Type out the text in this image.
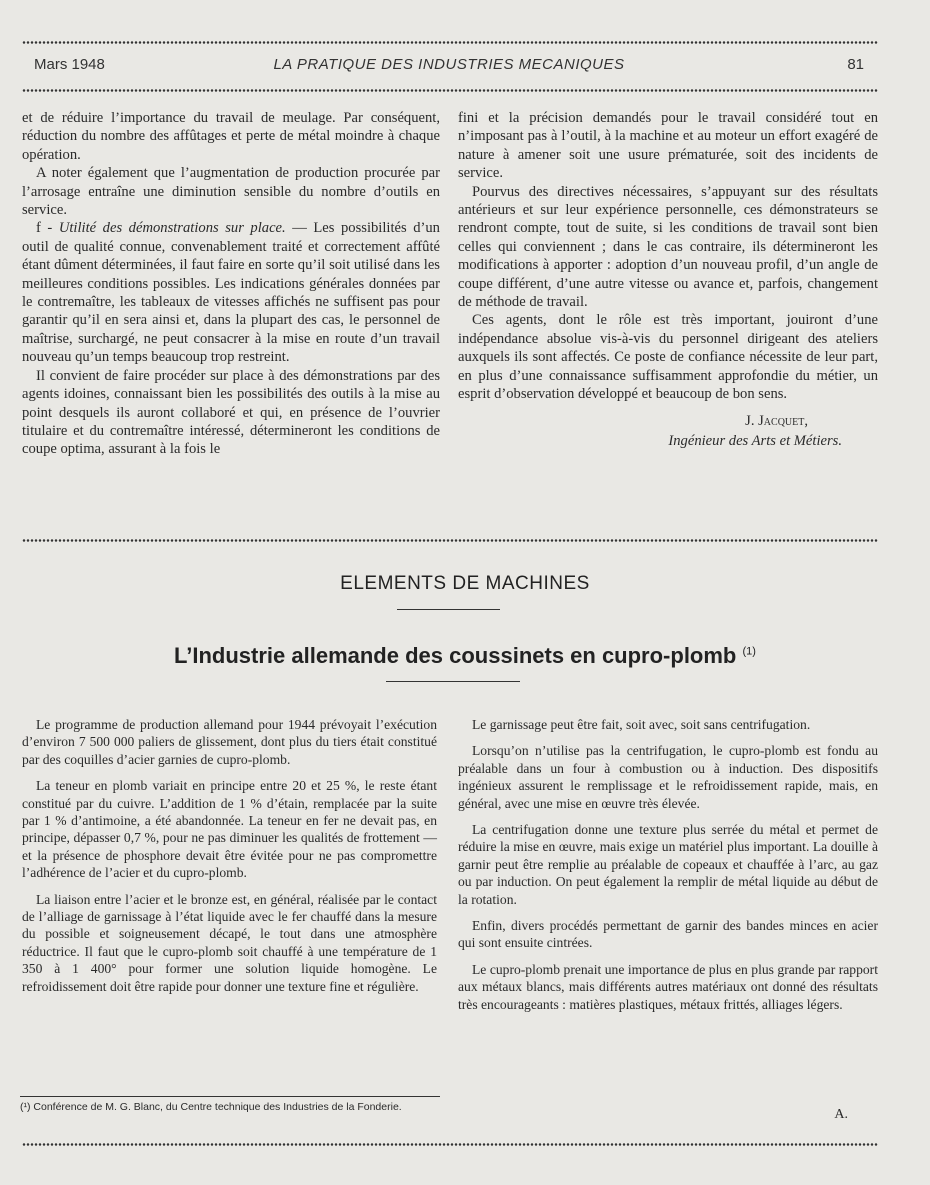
Mars 1948	LA PRATIQUE DES INDUSTRIES MECANIQUES	81

et de réduire l’importance du travail de meulage. Par conséquent, réduction du nombre des affûtages et perte de métal moindre à chaque opération.

A noter également que l’augmentation de production procurée par l’arrosage entraîne une diminution sensible du nombre d’outils en service.

f - Utilité des démonstrations sur place. — Les possibilités d’un outil de qualité connue, convenablement traité et correctement affûté étant dûment déterminées, il faut faire en sorte qu’il soit utilisé dans les meilleures conditions possibles. Les indications générales données par le contremaître, les tableaux de vitesses affichés ne suffisent pas pour garantir qu’il en sera ainsi et, dans la plupart des cas, le personnel de maîtrise, surchargé, ne peut consacrer à la mise en route d’un travail nouveau qu’un temps beaucoup trop restreint.

Il convient de faire procéder sur place à des démonstrations par des agents idoines, connaissant bien les possibilités des outils à la mise au point desquels ils auront collaboré et qui, en présence de l’ouvrier titulaire et du contremaître intéressé, détermineront les conditions de coupe optima, assurant à la fois le

fini et la précision demandés pour le travail considéré tout en n’imposant pas à l’outil, à la machine et au moteur un effort exagéré de nature à amener soit une usure prématurée, soit des incidents de service.

Pourvus des directives nécessaires, s’appuyant sur des résultats antérieurs et sur leur expérience personnelle, ces démonstrateurs se rendront compte, tout de suite, si les conditions de travail sont bien celles qui conviennent ; dans le cas contraire, ils détermineront les modifications à apporter : adoption d’un nouveau profil, d’un angle de coupe différent, d’une autre vitesse ou avance et, parfois, changement de méthode de travail.

Ces agents, dont le rôle est très important, jouiront d’une indépendance absolue vis-à-vis du personnel dirigeant des ateliers auxquels ils sont affectés. Ce poste de confiance nécessite de leur part, en plus d’une connaissance suffisamment approfondie du métier, un esprit d’observation développé et beaucoup de bon sens.

J. Jacquet,
Ingénieur des Arts et Métiers.
ELEMENTS DE MACHINES
L’Industrie allemande des coussinets en cupro-plomb $^{(1)}$

Le programme de production allemand pour 1944 prévoyait l’exécution d’environ 7 500 000 paliers de glissement, dont plus du tiers était constitué par des coquilles d’acier garnies de cupro-plomb.

La teneur en plomb variait en principe entre 20 et 25 %, le reste étant constitué par du cuivre. L’addition de 1 % d’étain, remplacée par la suite par 1 % d’antimoine, a été abandonnée. La teneur en fer ne devait pas, en principe, dépasser 0,7 %, pour ne pas diminuer les qualités de frottement — et la présence de phosphore devait être évitée pour ne pas compromettre l’adhérence de l’acier et du cupro-plomb.

La liaison entre l’acier et le bronze est, en général, réalisée par le contact de l’alliage de garnissage à l’état liquide avec le fer chauffé dans la mesure du possible et soigneusement décapé, le tout dans une atmosphère réductrice. Il faut que le cupro-plomb soit chauffé à une température de 1 350 à 1 400° pour former une solution liquide homogène. Le refroidissement doit être rapide pour donner une texture fine et régulière.

Le garnissage peut être fait, soit avec, soit sans centrifugation.

Lorsqu’on n’utilise pas la centrifugation, le cupro-plomb est fondu au préalable dans un four à combustion ou à induction. Des dispositifs ingénieux assurent le remplissage et le refroidissement rapide, mais, en général, avec une mise en œuvre très élevée.

La centrifugation donne une texture plus serrée du métal et permet de réduire la mise en œuvre, mais exige un matériel plus important. La douille à garnir peut être remplie au préalable de copeaux et chauffée à l’arc, au gaz ou par induction. On peut également la remplir de métal liquide au début de la rotation.

Enfin, divers procédés permettant de garnir des bandes minces en acier qui sont ensuite cintrées.

Le cupro-plomb prenait une importance de plus en plus grande par rapport aux métaux blancs, mais différents autres matériaux ont donné des résultats très encourageants : matières plastiques, métaux frittés, alliages légers.

(¹) Conférence de M. G. Blanc, du Centre technique des Industries de la Fonderie.	A.
